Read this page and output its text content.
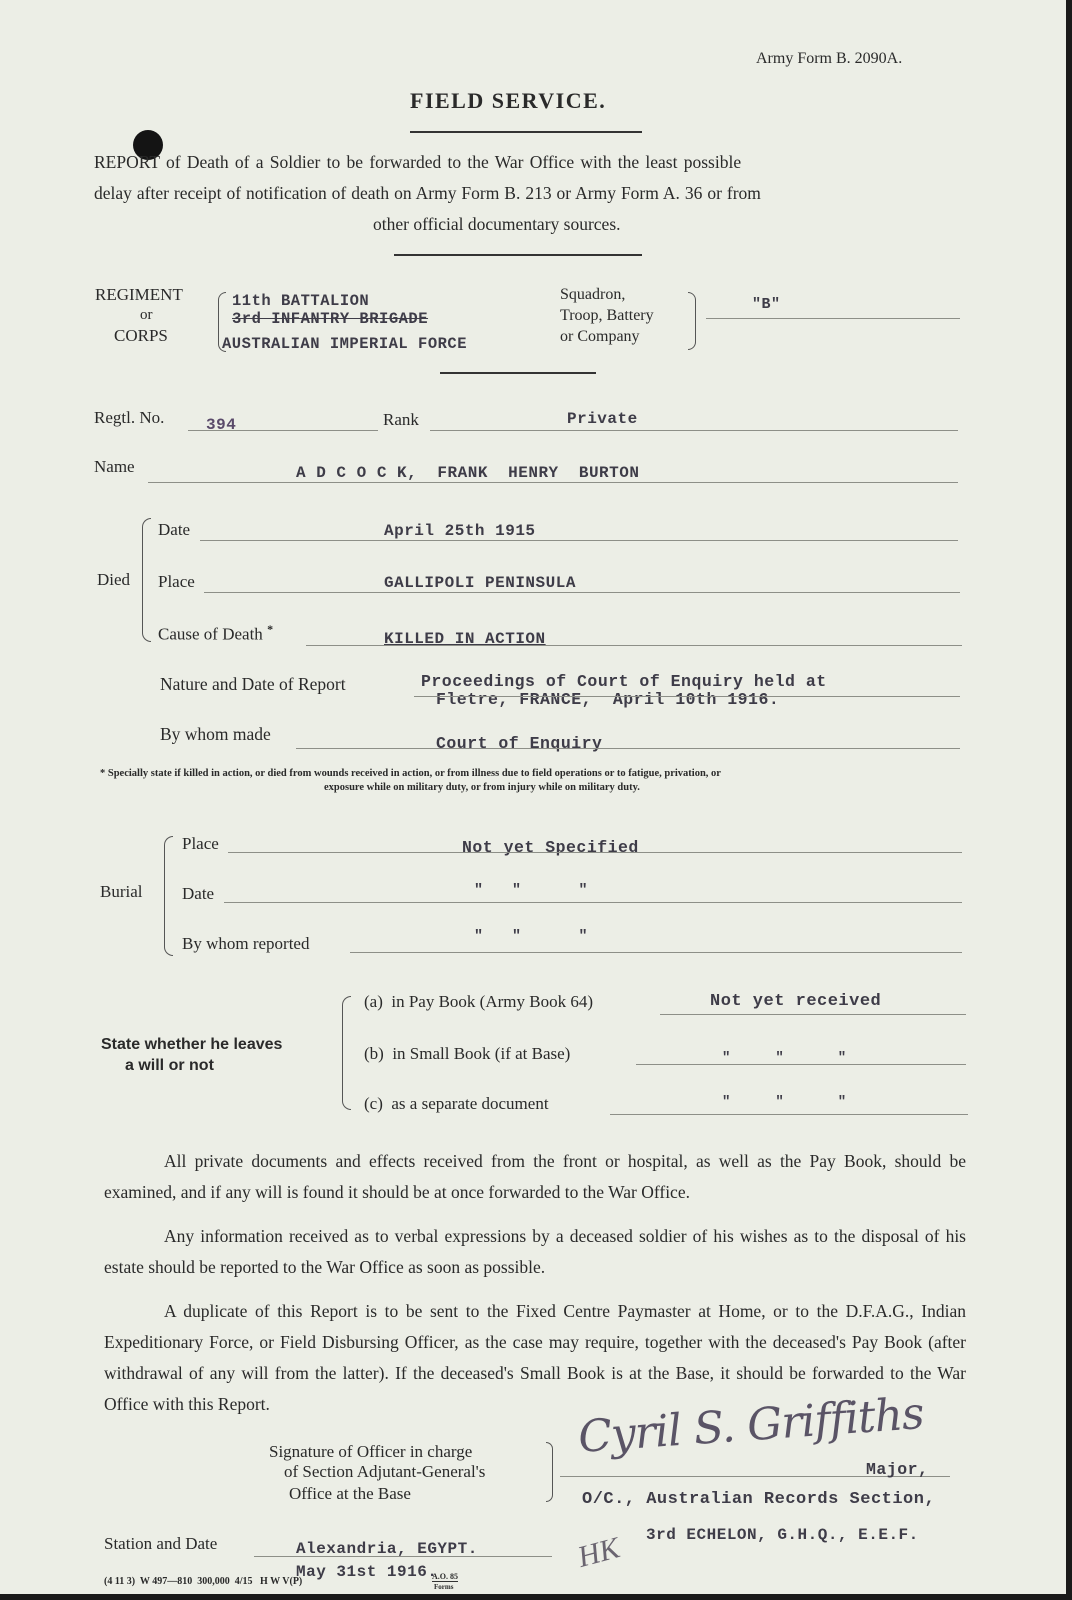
Army Form B. 2090A.
FIELD SERVICE.
REPORT of Death of a Soldier to be forwarded to the War Office with the least possible
delay after receipt of notification of death on Army Form B. 213 or Army Form A. 36 or from
other official documentary sources.
REGIMENT
or
CORPS
11th BATTALION
3rd INFANTRY BRIGADE
AUSTRALIAN IMPERIAL FORCE
Squadron,
Troop, Battery
or Company
"B"
Regtl. No.	394	Rank	Private
Name	A D C O C K,  FRANK  HENRY  BURTON
Died
Date	April 25th 1915
Place	GALLIPOLI PENINSULA
Cause of Death *
KILLED IN ACTION
Nature and Date of Report	Proceedings of Court of Enquiry held at
Fletre, FRANCE,  April 10th 1916.
By whom made	Court of Enquiry
* Specially state if killed in action, or died from wounds received in action, or from illness due to field operations or to fatigue, privation, or
exposure while on military duty, or from injury while on military duty.
Burial
Place	Not yet Specified
Date	"   "      "
By whom reported	"   "      "
State whether he leaves
a will or not
(a)  in Pay Book (Army Book 64)	Not yet received
(b)  in Small Book (if at Base)	"     "      "
(c)  as a separate document	"     "      "
All private documents and effects received from the front or hospital, as well as the Pay Book, should be examined, and if any will is found it should be at once forwarded to the War Office.
Any information received as to verbal expressions by a deceased soldier of his wishes as to the disposal of his estate should be reported to the War Office as soon as possible.
A duplicate of this Report is to be sent to the Fixed Centre Paymaster at Home, or to the D.F.A.G., Indian Expeditionary Force, or Field Disbursing Officer, as the case may require, together with the deceased's Pay Book (after withdrawal of any will from the latter). If the deceased's Small Book is at the Base, it should be forwarded to the War Office with this Report.
Signature of Officer in charge
of Section Adjutant-General's
Office at the Base
Cyril S. Griffiths
Major,
O/C., Australian Records Section,
3rd ECHELON, G.H.Q., E.E.F.
HK
Station and Date	Alexandria, EGYPT.
May 31st 1916.
(4 11 3)  W 497—810  300,000  4/15   H W V(P)	A.O. 85
Forms
